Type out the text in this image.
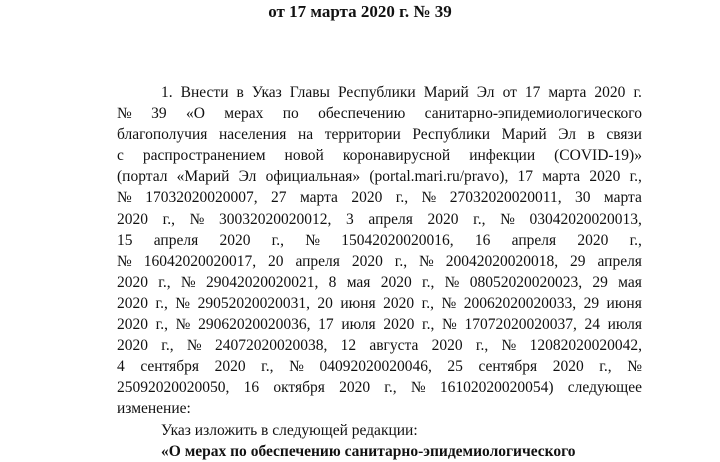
от 17 марта 2020 г. № 39
1. Внести в Указ Главы Республики Марий Эл от 17 марта 2020 г.
№ 39 «О мерах по обеспечению санитарно-эпидемиологического
благополучия населения на территории Республики Марий Эл в связи
с распространением новой коронавирусной инфекции (COVID-19)»
(портал «Марий Эл официальная» (portal.mari.ru/pravo), 17 марта 2020 г.,
№ 17032020020007, 27 марта 2020 г., № 27032020020011, 30 марта
2020 г., № 30032020020012, 3 апреля 2020 г., № 03042020020013,
15 апреля 2020 г., № 15042020020016, 16 апреля 2020 г.,
№ 16042020020017, 20 апреля 2020 г., № 20042020020018, 29 апреля
2020 г., № 29042020020021, 8 мая 2020 г., № 08052020020023, 29 мая
2020 г., № 29052020020031, 20 июня 2020 г., № 20062020020033, 29 июня
2020 г., № 29062020020036, 17 июля 2020 г., № 17072020020037, 24 июля
2020 г., № 24072020020038, 12 августа 2020 г., № 12082020020042,
4 сентября 2020 г., № 04092020020046, 25 сентября 2020 г., №
25092020020050, 16 октября 2020 г., № 16102020020054) следующее
изменение:
Указ изложить в следующей редакции:
«О мерах по обеспечению санитарно-эпидемиологического
